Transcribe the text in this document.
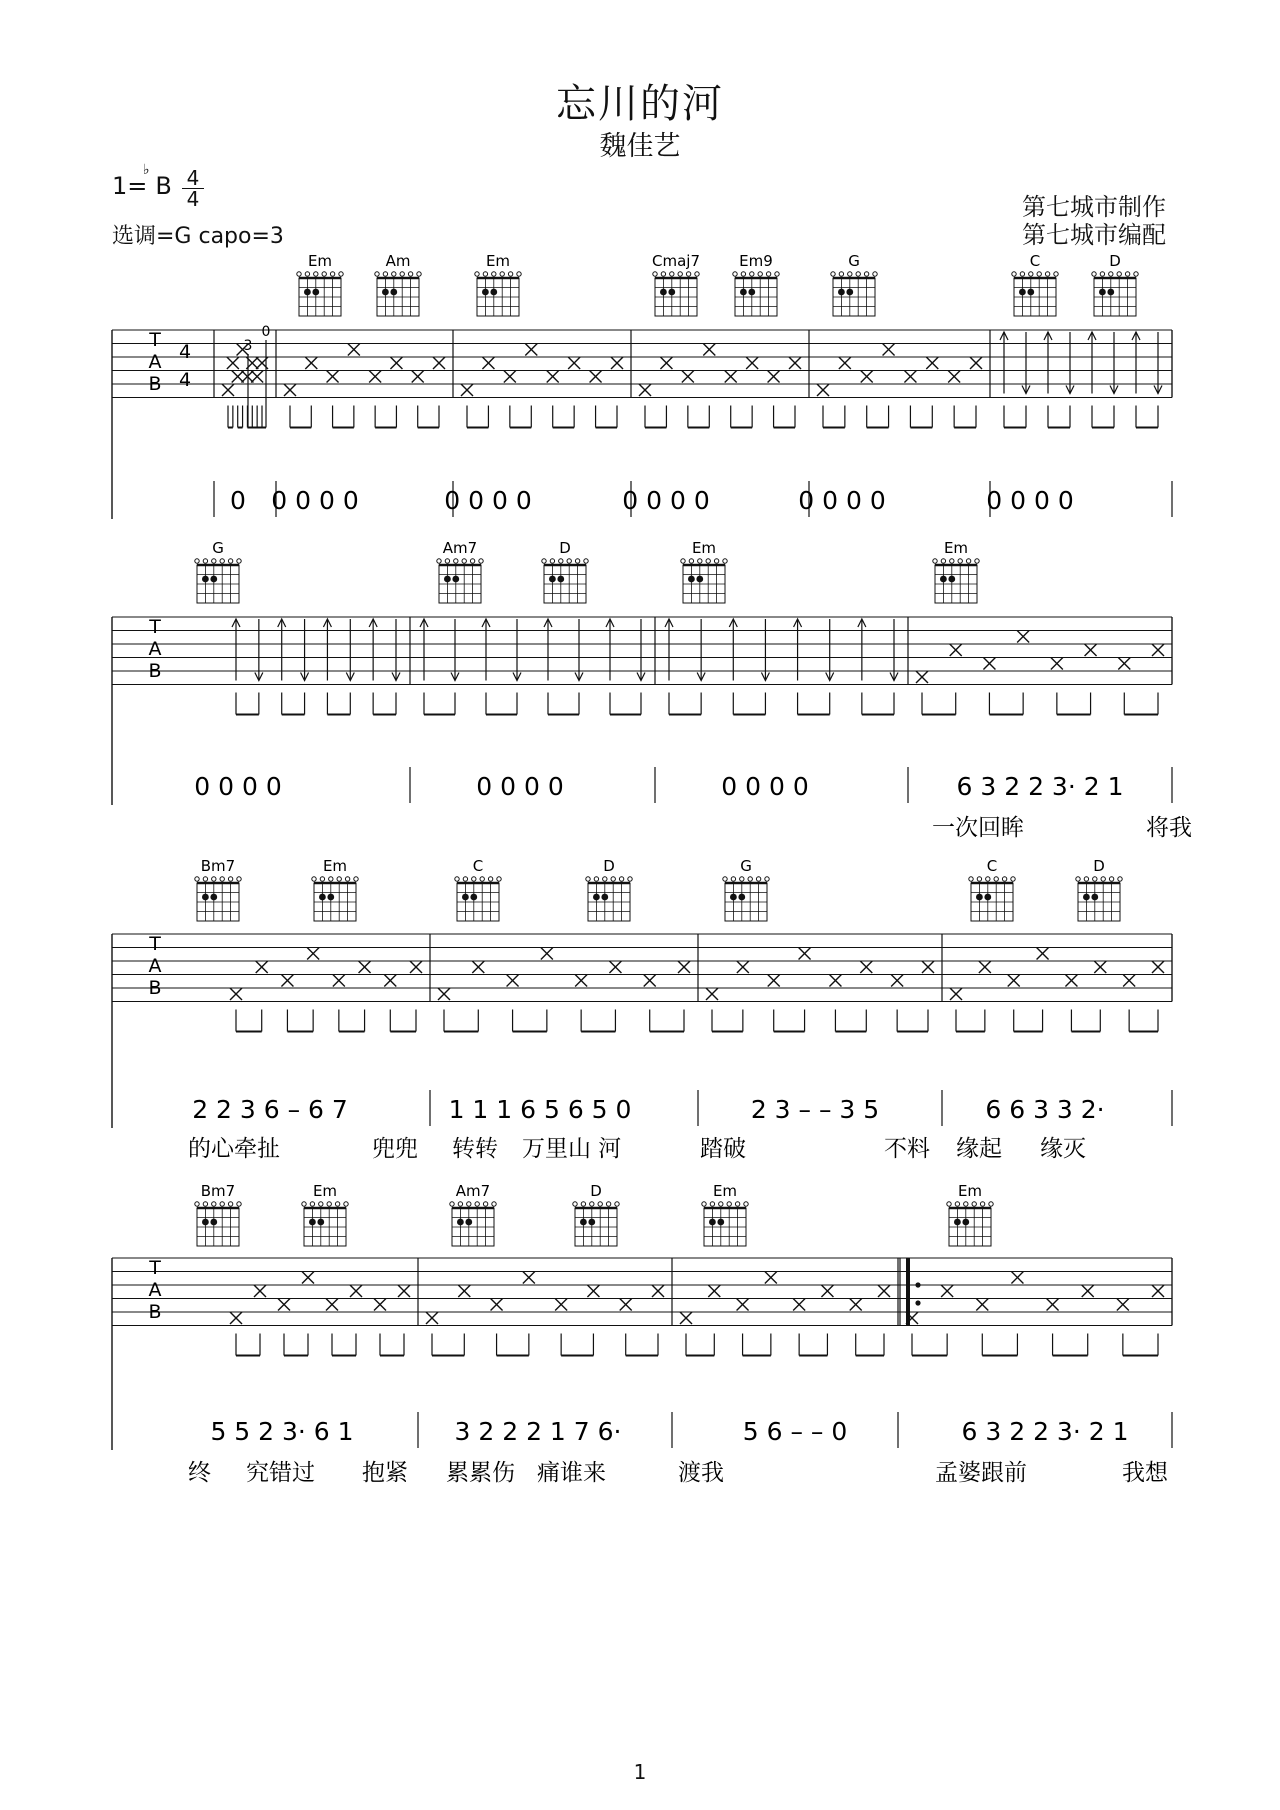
忘川的河
魏佳艺
1=
♭
B 4
4
选调=G capo=3
第七城市制作
第七城市编配
T
A
B
4
4
Em	Am	Em	Cmaj7	Em9	G	C	D
3
0
0 0 0 0 0	0 0 0 0	0 0 0 0	0 0 0 0	0 0 0 0
T
A
B
G	Am7	D	Em	Em
0 0 0 0	0 0 0 0	0 0 0 0	6 3 2 2 3· 2 1
一次回眸	将我
T
A
B
Bm7	Em	C	D	G	C	D
2 2 3 6 – 6 7	1 1 1 6 5 6 5 0	2 3 – – 3 5	6 6 3 3 2·
的心牵扯	兜兜 转转 万里山 河	踏破	不料 缘起 缘灭
T
A
B
Bm7	Em	Am7	D	Em	Em
5 5 2 3· 6 1	3 2 2 2 1 7 6·	5 6 – – 0	6 3 2 2 3· 2 1
终 究错过 抱紧 累累伤 痛谁来	渡我	孟婆跟前	我想
1
